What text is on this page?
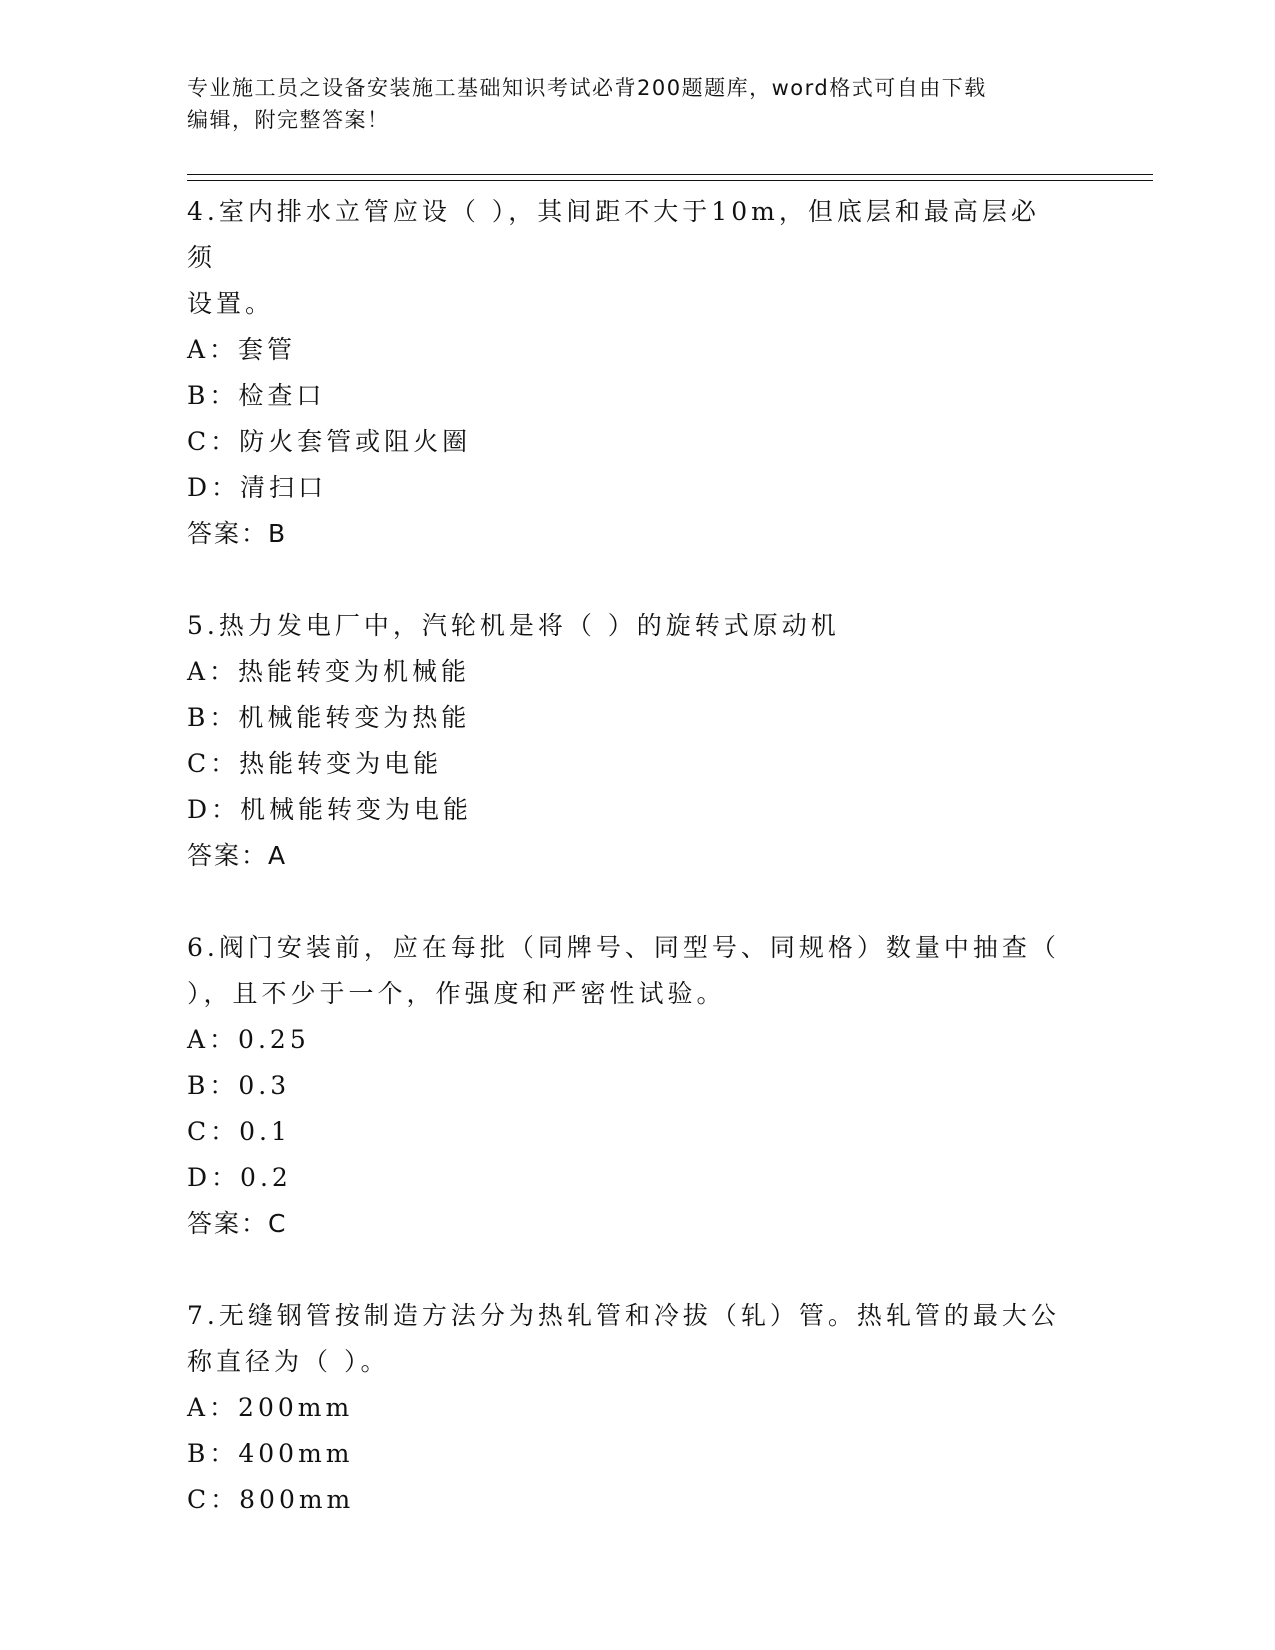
专业施工员之设备安装施工基础知识考试必背200题题库，word格式可自由下载
编辑，附完整答案！
4.室内排水立管应设（ ），其间距不大于10m，但底层和最高层必须
设置。
A：套管
B：检查口
C：防火套管或阻火圈
D：清扫口
答案：B
5.热力发电厂中，汽轮机是将（ ）的旋转式原动机
A：热能转变为机械能
B：机械能转变为热能
C：热能转变为电能
D：机械能转变为电能
答案：A
6.阀门安装前，应在每批（同牌号、同型号、同规格）数量中抽查（
），且不少于一个，作强度和严密性试验。
A：0.25
B：0.3
C：0.1
D：0.2
答案：C
7.无缝钢管按制造方法分为热轧管和冷拔（轧）管。热轧管的最大公
称直径为（ ）。
A：200mm
B：400mm
C：800mm
